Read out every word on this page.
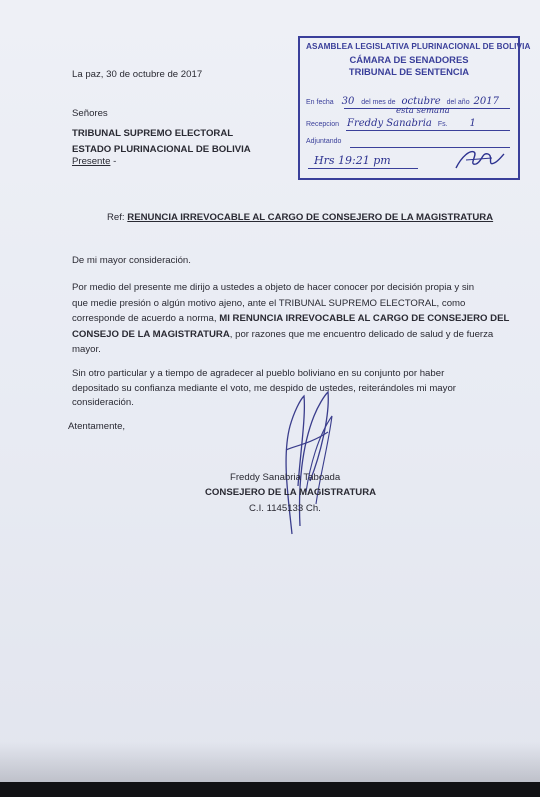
La paz, 30 de octubre de 2017
Señores
TRIBUNAL SUPREMO ELECTORAL
ESTADO PLURINACIONAL DE BOLIVIA
Presente -
ASAMBLEA LEGISLATIVA PLURINACIONAL DE BOLIVIA
CÁMARA DE SENADORES
TRIBUNAL DE SENTENCIA
En fecha 30 del mes de octubre del año 2017
esta semana
Recepcion Freddy Sanabria Fs. 1
Adjuntando
Hrs 19:21 pm
Ref: RENUNCIA IRREVOCABLE AL CARGO DE CONSEJERO DE LA MAGISTRATURA
De mi mayor consideración.
Por medio del presente me dirijo a ustedes a objeto de hacer conocer por decisión propia y sin
que medie presión o algún motivo ajeno, ante el TRIBUNAL SUPREMO ELECTORAL, como
corresponde de acuerdo a norma, MI RENUNCIA IRREVOCABLE AL CARGO DE CONSEJERO DEL
CONSEJO DE LA MAGISTRATURA, por razones que me encuentro delicado de salud y de fuerza
mayor.
Sin otro particular y a tiempo de agradecer al pueblo boliviano en su conjunto por haber
depositado su confianza mediante el voto, me despido de ustedes, reiterándoles mi mayor
consideración.
Atentamente,
Freddy Sanabria Taboada
CONSEJERO DE LA MAGISTRATURA
C.I. 1145133 Ch.
